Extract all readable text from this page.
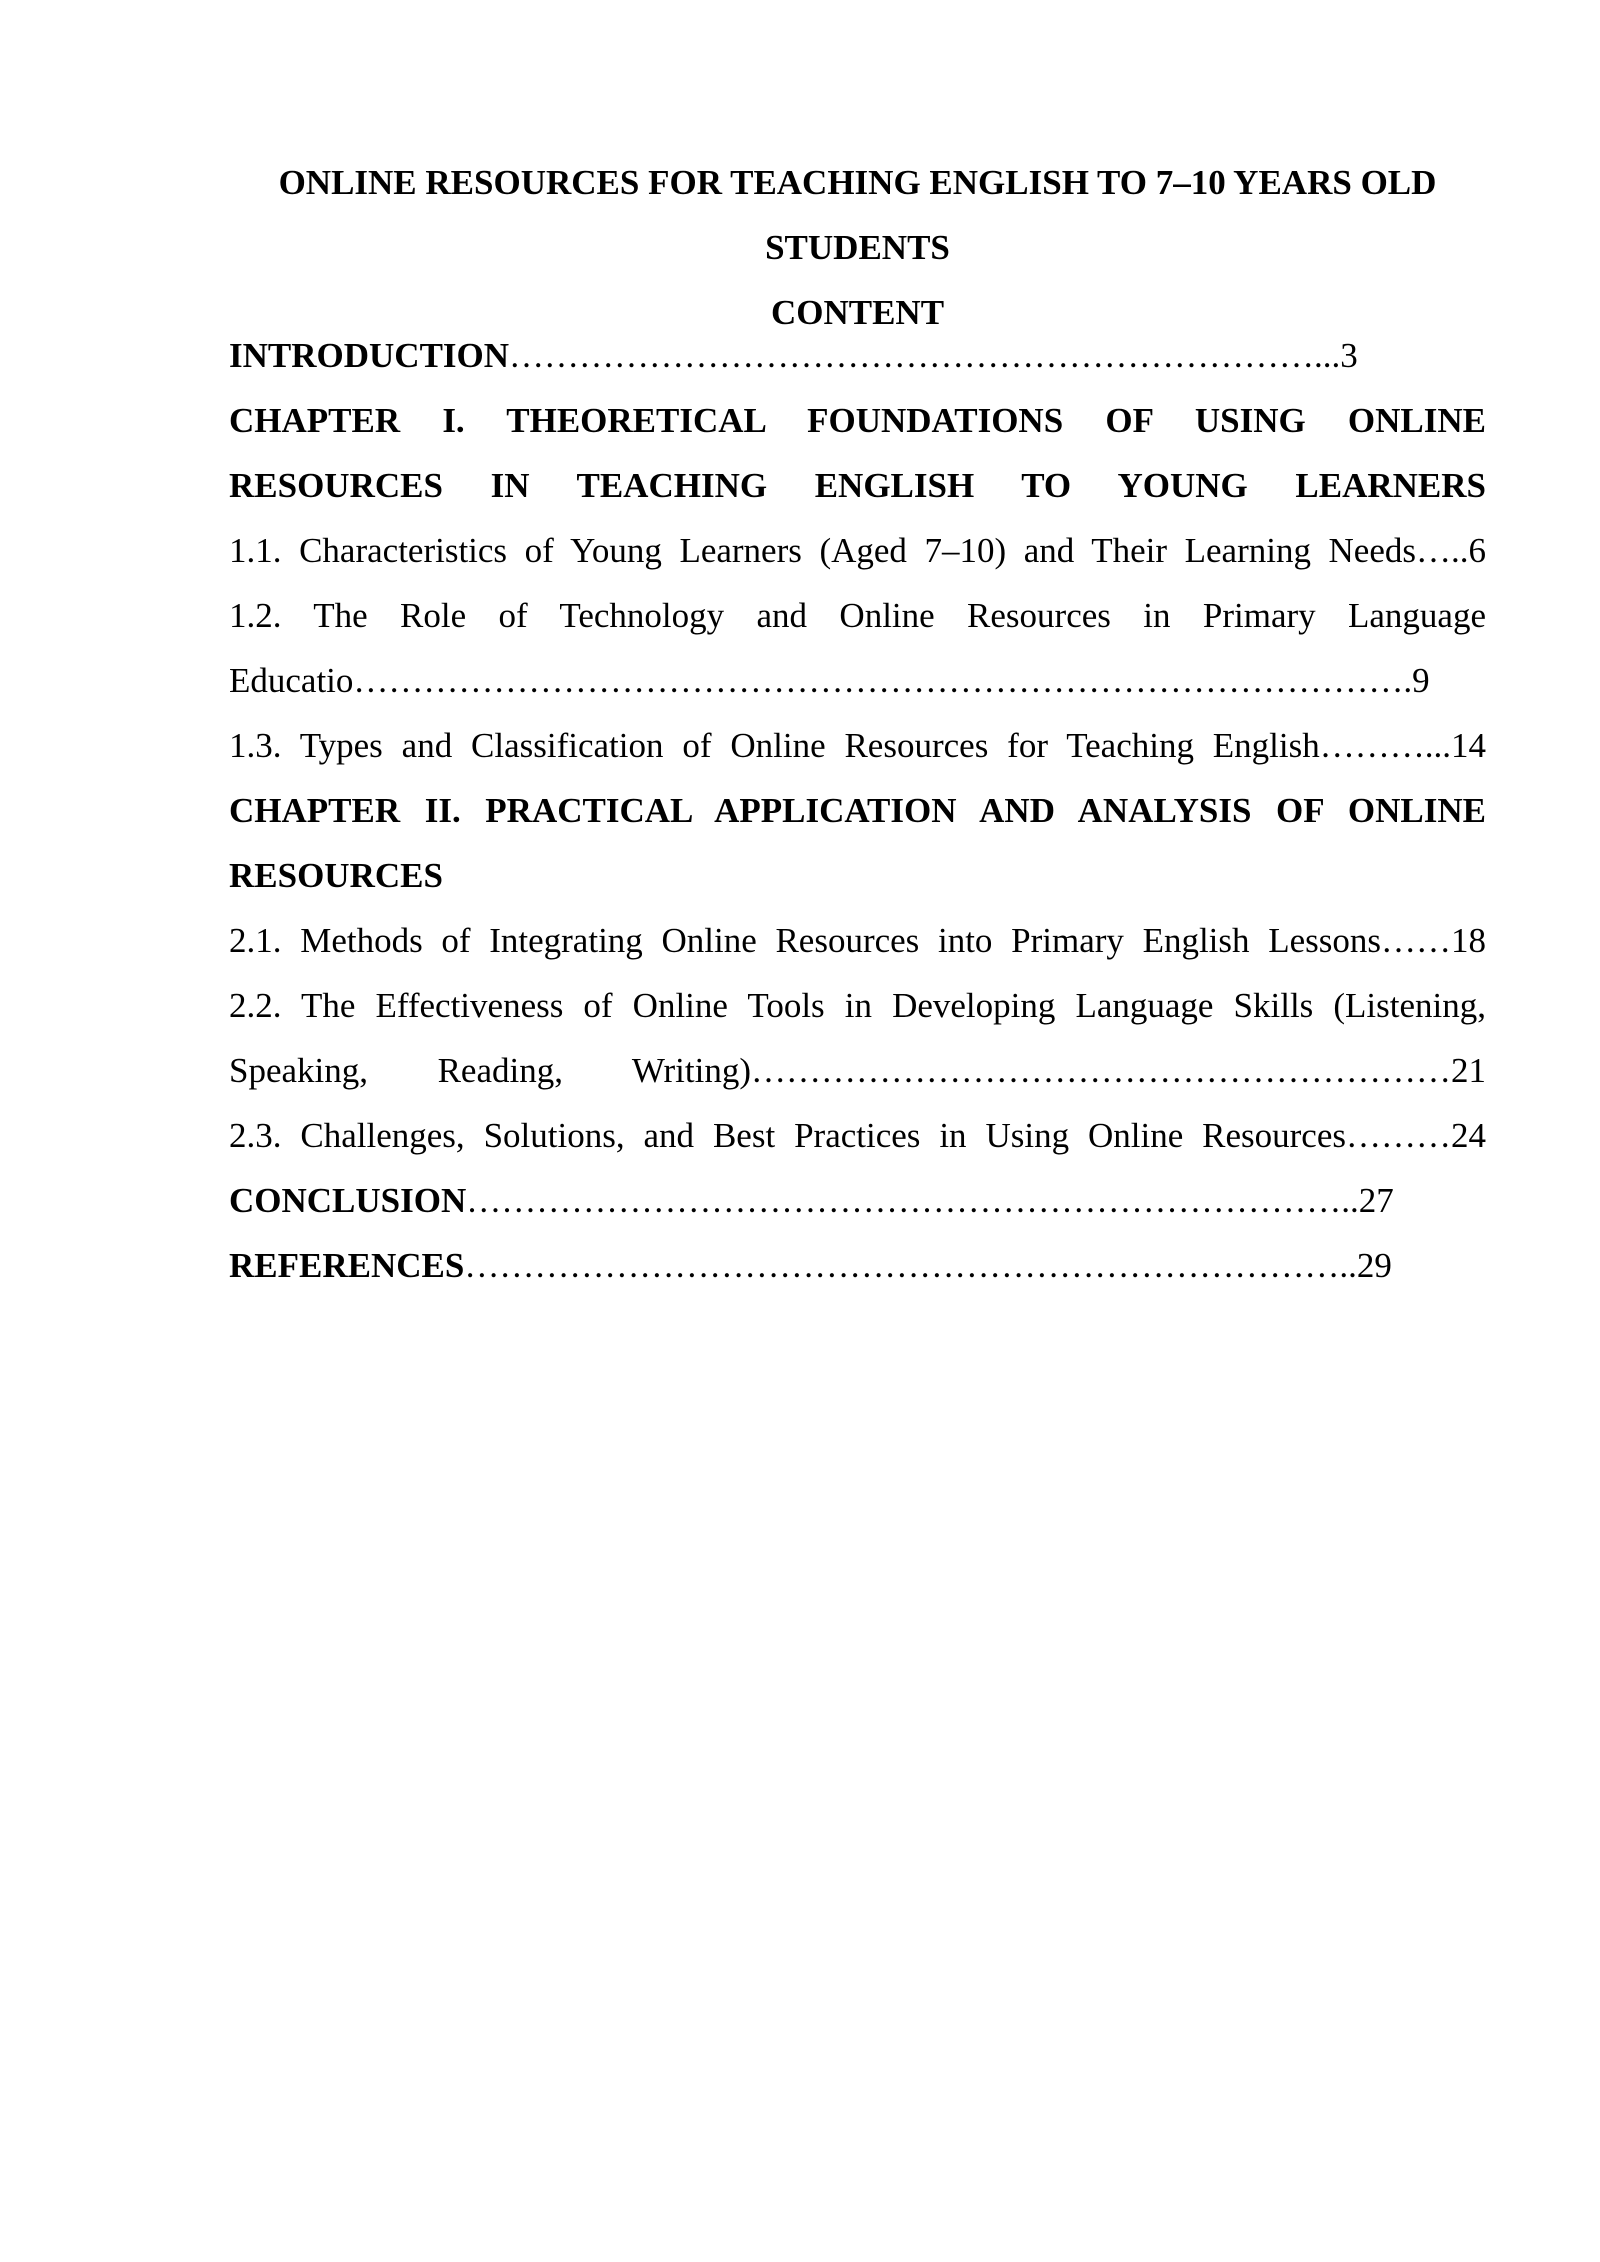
ONLINE RESOURCES FOR TEACHING ENGLISH TO 7–10 YEARS OLD
STUDENTS
CONTENT
INTRODUCTION……………………………………………………………...3
CHAPTER I. THEORETICAL FOUNDATIONS OF USING ONLINE
RESOURCES IN TEACHING ENGLISH TO YOUNG LEARNERS
1.1. Characteristics of Young Learners (Aged 7–10) and Their Learning Needs…..6
1.2. The Role of Technology and Online Resources in Primary Language
Educatio……………………………………………………………………………….9
1.3. Types and Classification of Online Resources for Teaching English………...14
CHAPTER II. PRACTICAL APPLICATION AND ANALYSIS OF ONLINE
RESOURCES
2.1. Methods of Integrating Online Resources into Primary English Lessons……18
2.2. The Effectiveness of Online Tools in Developing Language Skills (Listening,
Speaking, Reading, Writing)……………………………………………………21
2.3. Challenges, Solutions, and Best Practices in Using Online Resources………24
CONCLUSION…………………………………………………………………..27
REFERENCES…………………………………………………………………..29
